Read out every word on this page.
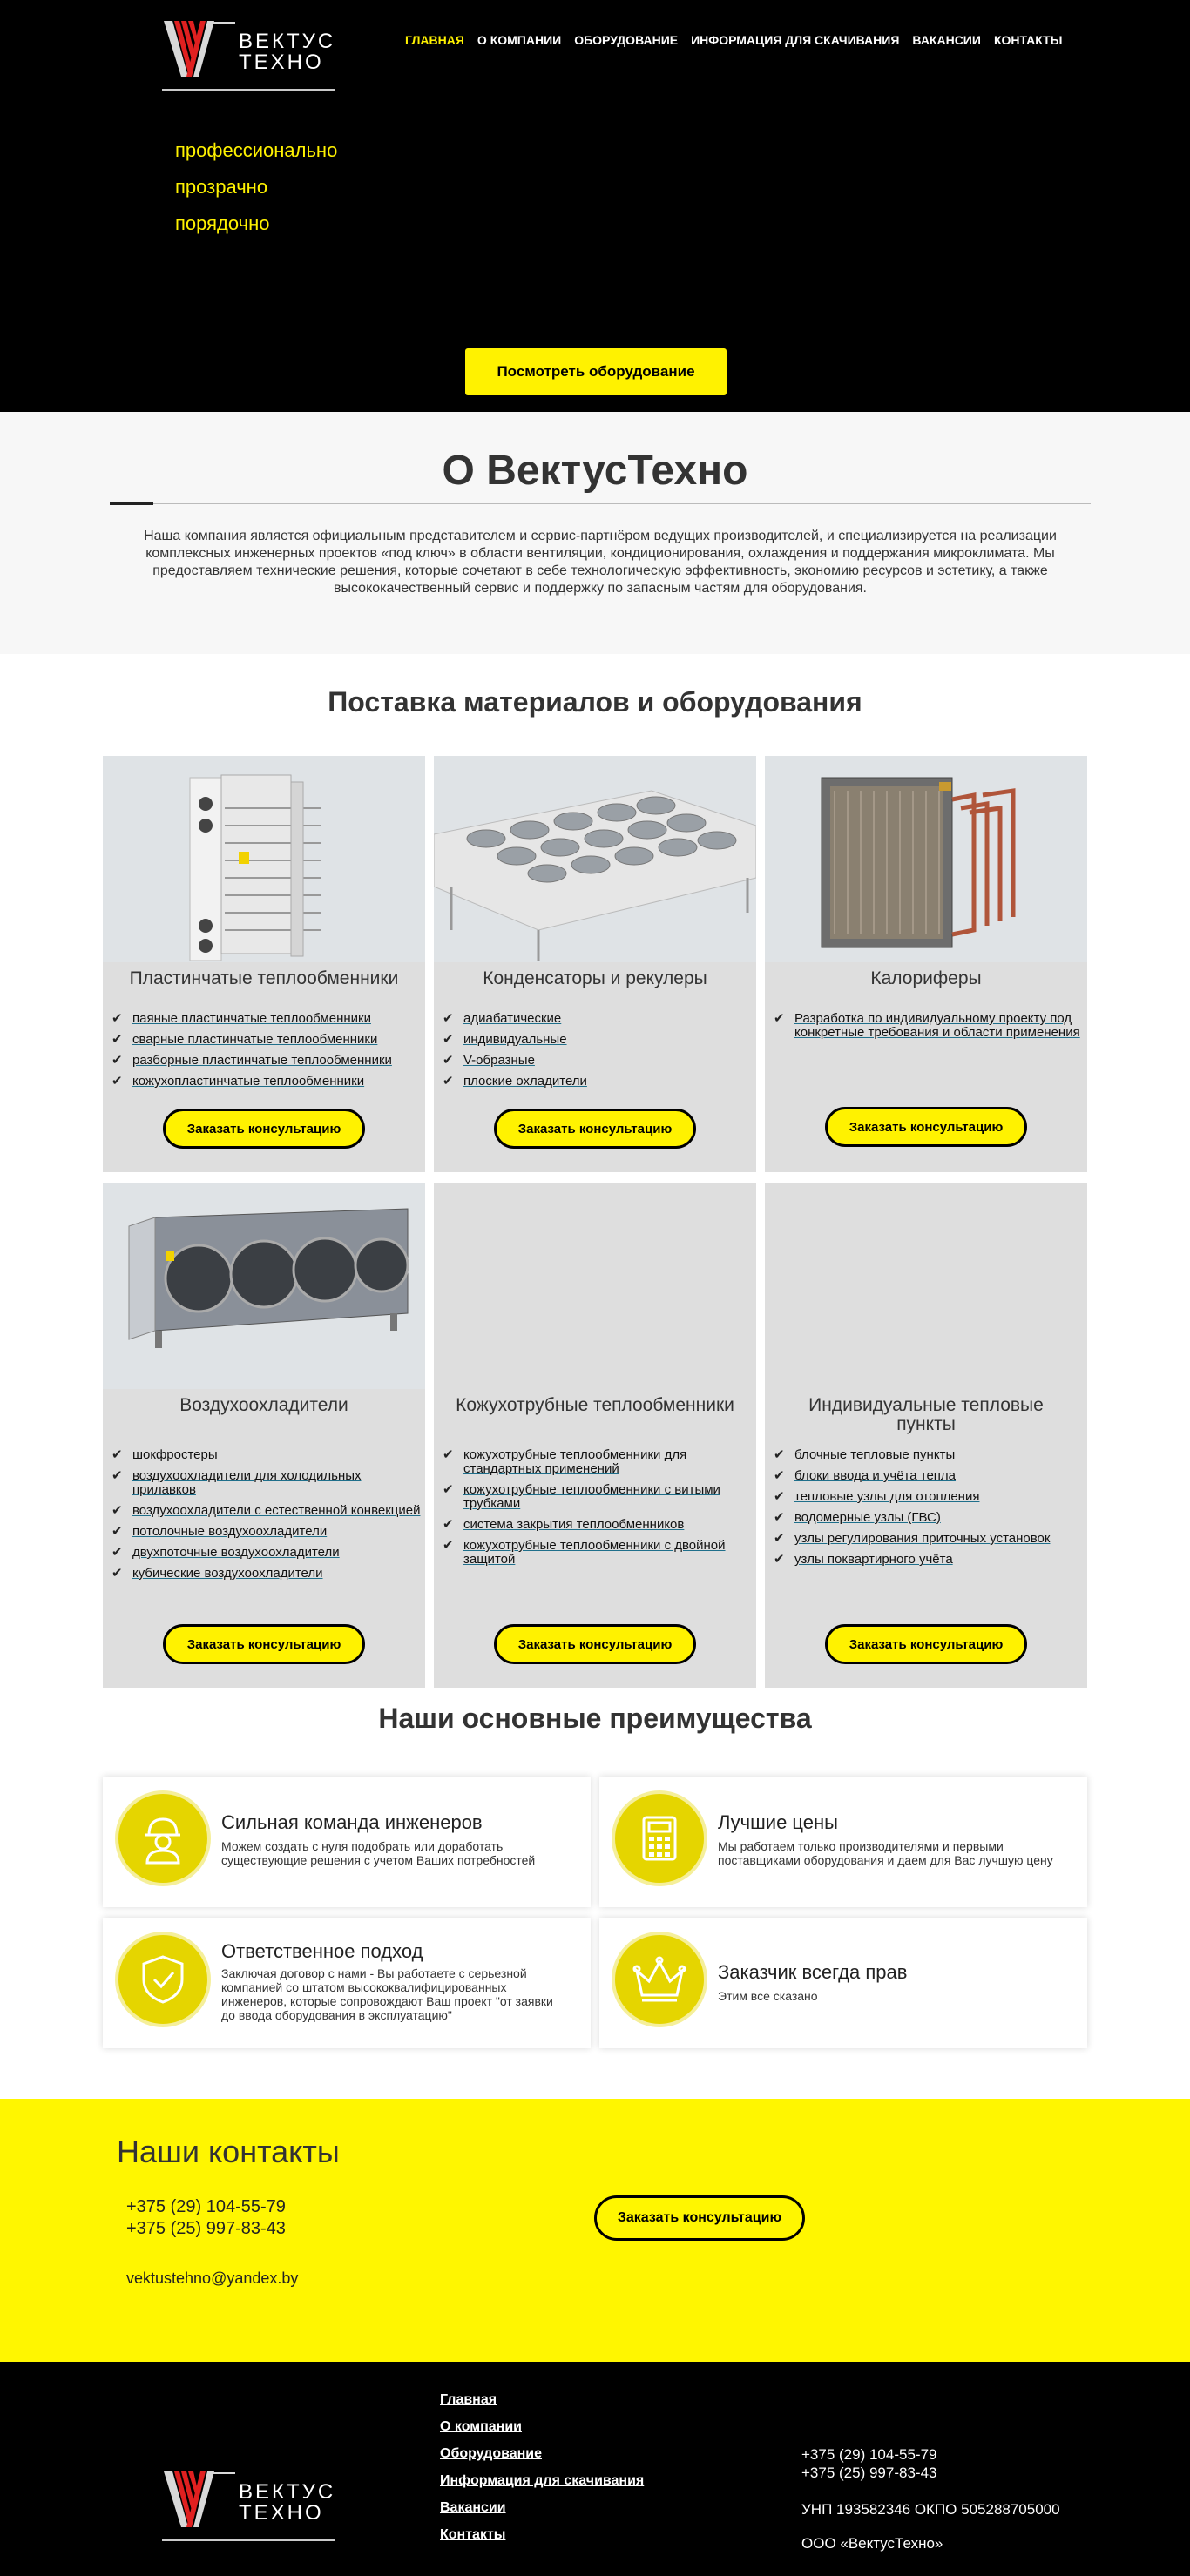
ВЕКТУС
ТЕХНО
ГЛАВНАЯ О КОМПАНИИ ОБОРУДОВАНИЕ ИНФОРМАЦИЯ ДЛЯ СКАЧИВАНИЯ ВАКАНСИИ КОНТАКТЫ
профессионально
прозрачно
порядочно
Посмотреть оборудование
О ВектусТехно

Наша компания является официальным представителем и сервис-партнёром ведущих производителей, и специализируется на реализации комплексных инженерных проектов «под ключ» в области вентиляции, кондиционирования, охлаждения и поддержания микроклимата. Мы предоставляем технические решения, которые сочетают в себе технологическую эффективность, экономию ресурсов и эстетику, а также высококачественный сервис и поддержку по запасным частям для оборудования.

Поставка материалов и оборудования
Пластинчатые теплообменники
✔ паяные пластинчатые теплообменники
✔ сварные пластинчатые теплообменники
✔ разборные пластинчатые теплообменники
✔ кожухопластинчатые теплообменники
Заказать консультацию
Конденсаторы и рекулеры
✔ адиабатические
✔ индивидуальные
✔ V-образные
✔ плоские охладители
Заказать консультацию
Калориферы
✔ Разработка по индивидуальному проекту под конкретные требования и области применения
Заказать консультацию
Воздухоохладители
✔ шокфростеры
✔ воздухоохладители для холодильных прилавков
✔ воздухоохладители с естественной конвекцией
✔ потолочные воздухоохладители
✔ двухпоточные воздухоохладители
✔ кубические воздухоохладители
Заказать консультацию
Кожухотрубные теплообменники
✔ кожухотрубные теплообменники для стандартных применений
✔ кожухотрубные теплообменники с витыми трубками
✔ система закрытия теплообменников
✔ кожухотрубные теплообменники с двойной защитой
Заказать консультацию
Индивидуальные тепловые пункты
✔ блочные тепловые пункты
✔ блоки ввода и учёта тепла
✔ тепловые узлы для отопления
✔ водомерные узлы (ГВС)
✔ узлы регулирования приточных установок
✔ узлы поквартирного учёта
Заказать консультацию
Наши основные преимущества
Сильная команда инженеров

Можем создать с нуля подобрать или доработать существующие решения с учетом Ваших потребностей

Лучшие цены

Мы работаем только производителями и первыми поставщиками оборудования и даем для Вас лучшую цену

Ответственное подход

Заключая договор с нами - Вы работаете с серьезной компанией со штатом высококвалифицированных инженеров, которые сопровождают Ваш проект "от заявки до ввода оборудования в эксплуатацию"

Заказчик всегда прав

Этим все сказано

Наши контакты
+375 (29) 104-55-79
+375 (25) 997-83-43
vektustehno@yandex.by
Заказать консультацию
ВЕКТУС
ТЕХНО
Главная
О компании
Оборудование
Информация для скачивания
Вакансии
Контакты
+375 (29) 104-55-79
+375 (25) 997-83-43
УНП 193582346 ОКПО 505288705000
ООО «ВектусТехно»
